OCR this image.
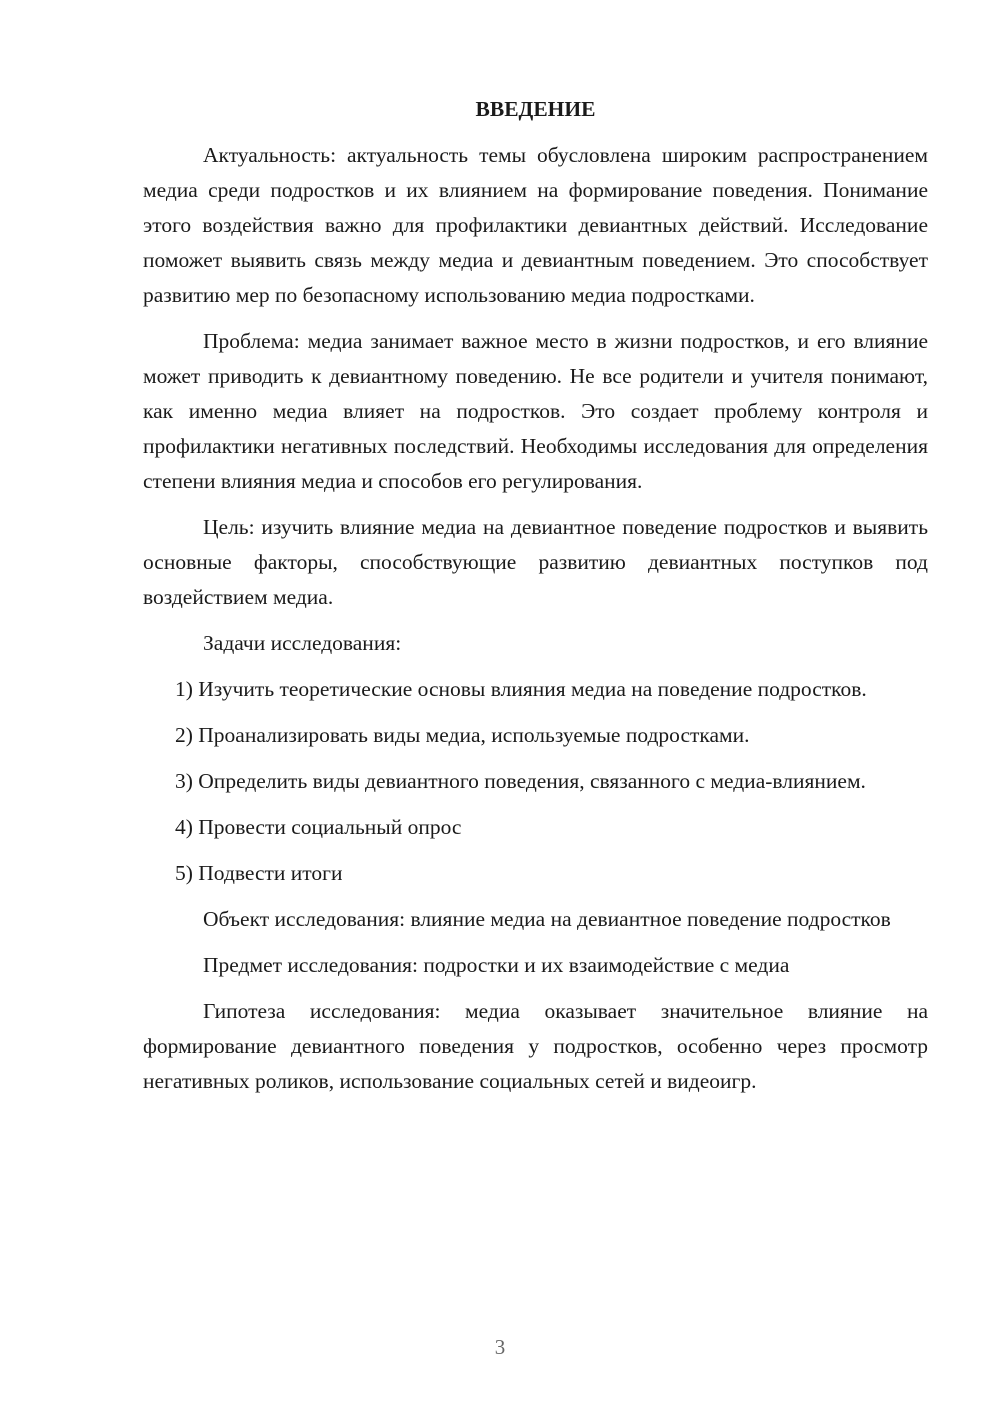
ВВЕДЕНИЕ

Актуальность: актуальность темы обусловлена широким распространением медиа среди подростков и их влиянием на формирование поведения. Понимание этого воздействия важно для профилактики девиантных действий. Исследование поможет выявить связь между медиа и девиантным поведением. Это способствует развитию мер по безопасному использованию медиа подростками.

Проблема: медиа занимает важное место в жизни подростков, и его влияние может приводить к девиантному поведению. Не все родители и учителя понимают, как именно медиа влияет на подростков. Это создает проблему контроля и профилактики негативных последствий. Необходимы исследования для определения степени влияния медиа и способов его регулирования.

Цель: изучить влияние медиа на девиантное поведение подростков и выявить основные факторы, способствующие развитию девиантных поступков под воздействием медиа.

Задачи исследования:

1) Изучить теоретические основы влияния медиа на поведение подростков.

2) Проанализировать виды медиа, используемые подростками.

3) Определить виды девиантного поведения, связанного с медиа-влиянием.

4) Провести социальный опрос

5) Подвести итоги

Объект исследования: влияние медиа на девиантное поведение подростков

Предмет исследования: подростки и их взаимодействие с медиа

Гипотеза исследования: медиа оказывает значительное влияние на формирование девиантного поведения у подростков, особенно через просмотр негативных роликов, использование социальных сетей и видеоигр.

3
